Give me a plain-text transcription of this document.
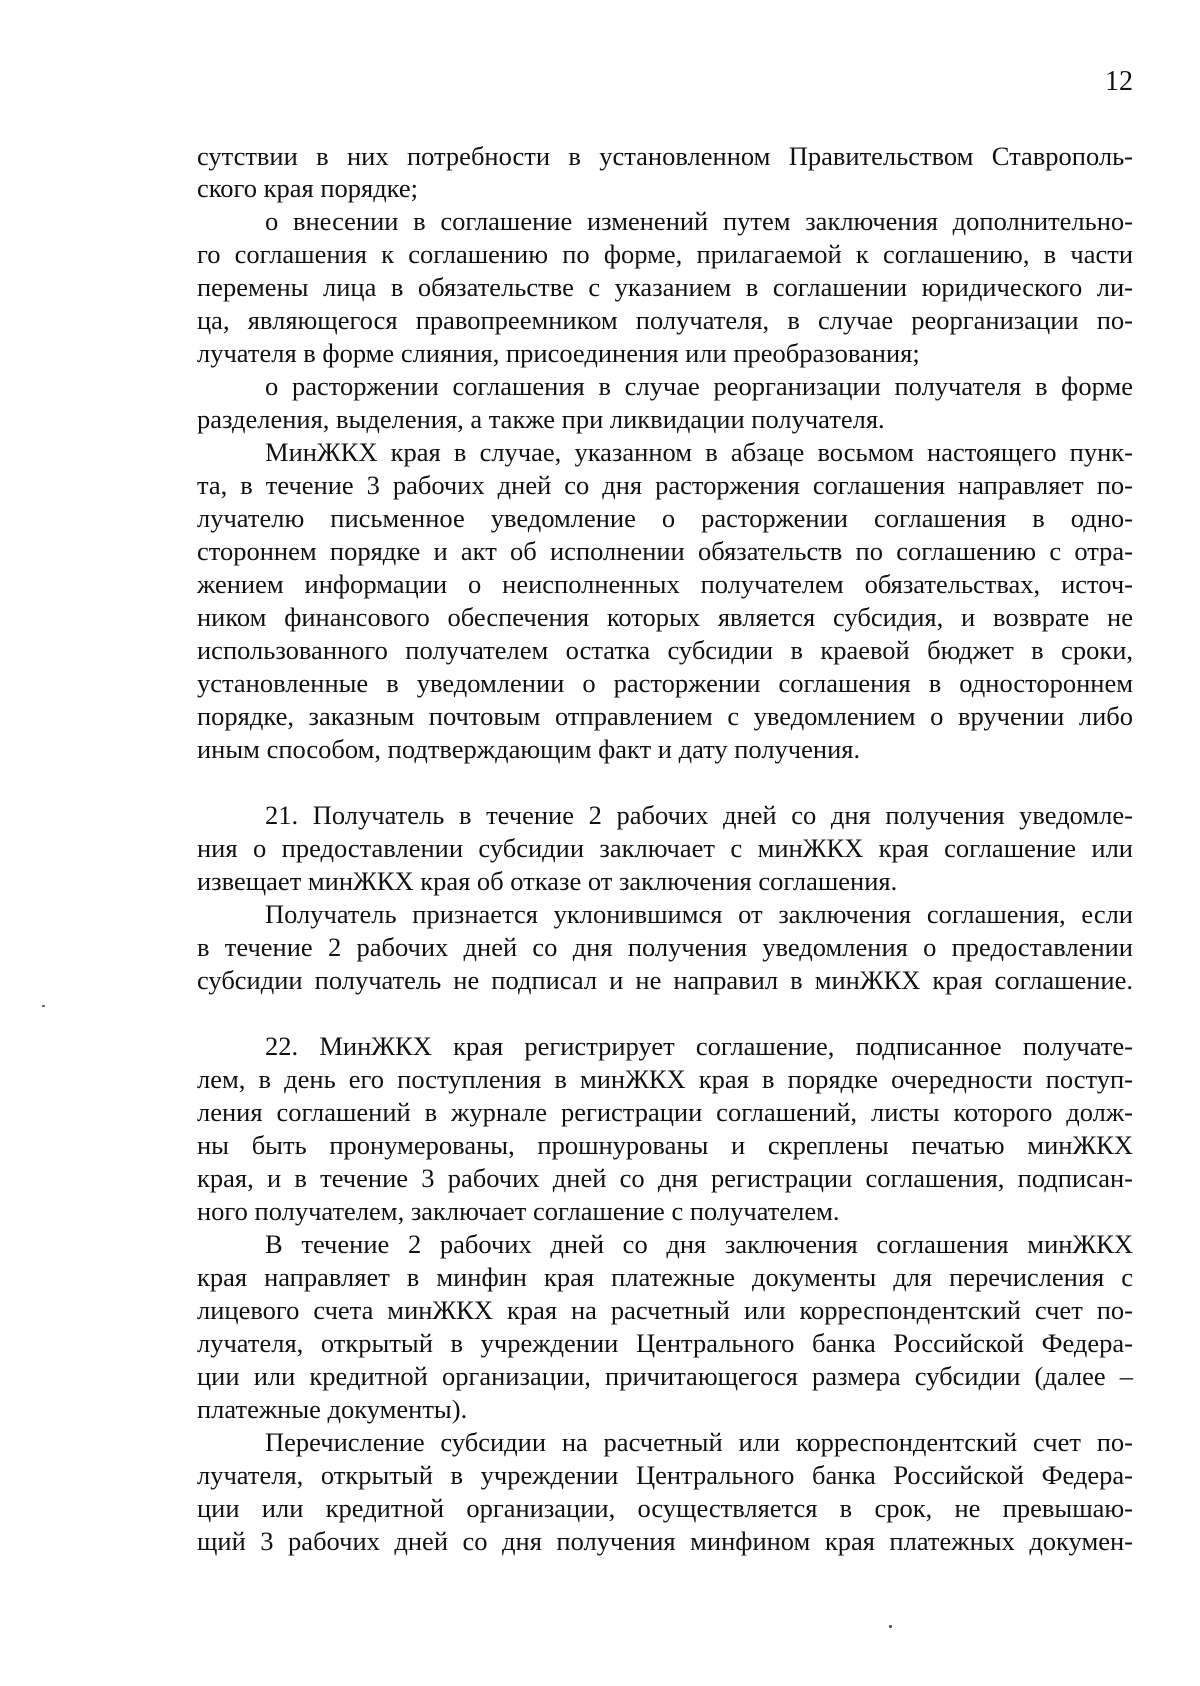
12
сутствии в них потребности в установленном Правительством Ставрополь-
ского края порядке;
о внесении в соглашение изменений путем заключения дополнительно-
го соглашения к соглашению по форме, прилагаемой к соглашению, в части
перемены лица в обязательстве с указанием в соглашении юридического ли-
ца, являющегося правопреемником получателя, в случае реорганизации по-
лучателя в форме слияния, присоединения или преобразования;
о расторжении соглашения в случае реорганизации получателя в форме
разделения, выделения, а также при ликвидации получателя.
МинЖКХ края в случае, указанном в абзаце восьмом настоящего пунк-
та, в течение 3 рабочих дней со дня расторжения соглашения направляет по-
лучателю письменное уведомление о расторжении соглашения в одно-
стороннем порядке и акт об исполнении обязательств по соглашению с отра-
жением информации о неисполненных получателем обязательствах, источ-
ником финансового обеспечения которых является субсидия, и возврате не
использованного получателем остатка субсидии в краевой бюджет в сроки,
установленные в уведомлении о расторжении соглашения в одностороннем
порядке, заказным почтовым отправлением с уведомлением о вручении либо
иным способом, подтверждающим факт и дату получения.
21. Получатель в течение 2 рабочих дней со дня получения уведомле-
ния о предоставлении субсидии заключает с минЖКХ края соглашение или
извещает минЖКХ края об отказе от заключения соглашения.
Получатель признается уклонившимся от заключения соглашения, если
в течение 2 рабочих дней со дня получения уведомления о предоставлении
субсидии получатель не подписал и не направил в минЖКХ края соглашение.
22. МинЖКХ края регистрирует соглашение, подписанное получате-
лем, в день его поступления в минЖКХ края в порядке очередности поступ-
ления соглашений в журнале регистрации соглашений, листы которого долж-
ны быть пронумерованы, прошнурованы и скреплены печатью минЖКХ
края, и в течение 3 рабочих дней со дня регистрации соглашения, подписан-
ного получателем, заключает соглашение с получателем.
В течение 2 рабочих дней со дня заключения соглашения минЖКХ
края направляет в минфин края платежные документы для перечисления с
лицевого счета минЖКХ края на расчетный или корреспондентский счет по-
лучателя, открытый в учреждении Центрального банка Российской Федера-
ции или кредитной организации, причитающегося размера субсидии (далее –
платежные документы).
Перечисление субсидии на расчетный или корреспондентский счет по-
лучателя, открытый в учреждении Центрального банка Российской Федера-
ции или кредитной организации, осуществляется в срок, не превышаю-
щий 3 рабочих дней со дня получения минфином края платежных докумен-
